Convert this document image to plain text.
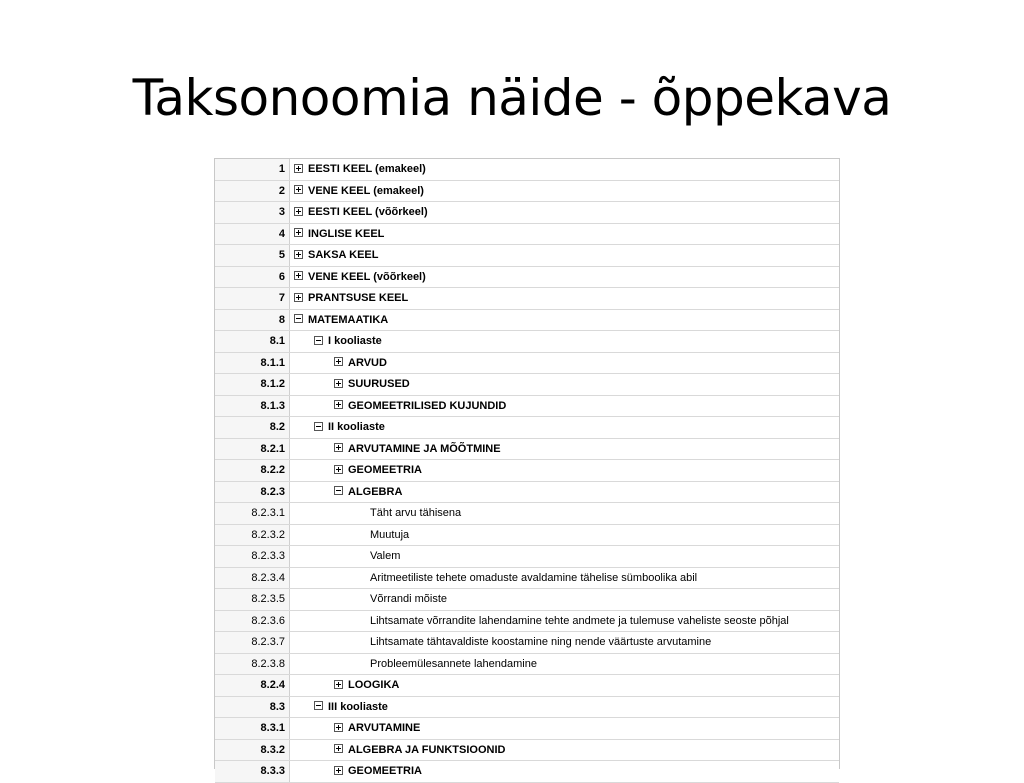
Taksonoomia näide - õppekava
1	EESTI KEEL (emakeel)
2	VENE KEEL (emakeel)
3	EESTI KEEL (võõrkeel)
4	INGLISE KEEL
5	SAKSA KEEL
6	VENE KEEL (võõrkeel)
7	PRANTSUSE KEEL
8	MATEMAATIKA
8.1	I kooliaste
8.1.1	ARVUD
8.1.2	SUURUSED
8.1.3	GEOMEETRILISED KUJUNDID
8.2	II kooliaste
8.2.1	ARVUTAMINE JA MÕÕTMINE
8.2.2	GEOMEETRIA
8.2.3	ALGEBRA
8.2.3.1	Täht arvu tähisena
8.2.3.2	Muutuja
8.2.3.3	Valem
8.2.3.4	Aritmeetiliste tehete omaduste avaldamine tähelise sümboolika abil
8.2.3.5	Võrrandi mõiste
8.2.3.6	Lihtsamate võrrandite lahendamine tehte andmete ja tulemuse vaheliste seoste põhjal
8.2.3.7	Lihtsamate tähtavaldiste koostamine ning nende väärtuste arvutamine
8.2.3.8	Probleemülesannete lahendamine
8.2.4	LOOGIKA
8.3	III kooliaste
8.3.1	ARVUTAMINE
8.3.2	ALGEBRA JA FUNKTSIOONID
8.3.3	GEOMEETRIA
